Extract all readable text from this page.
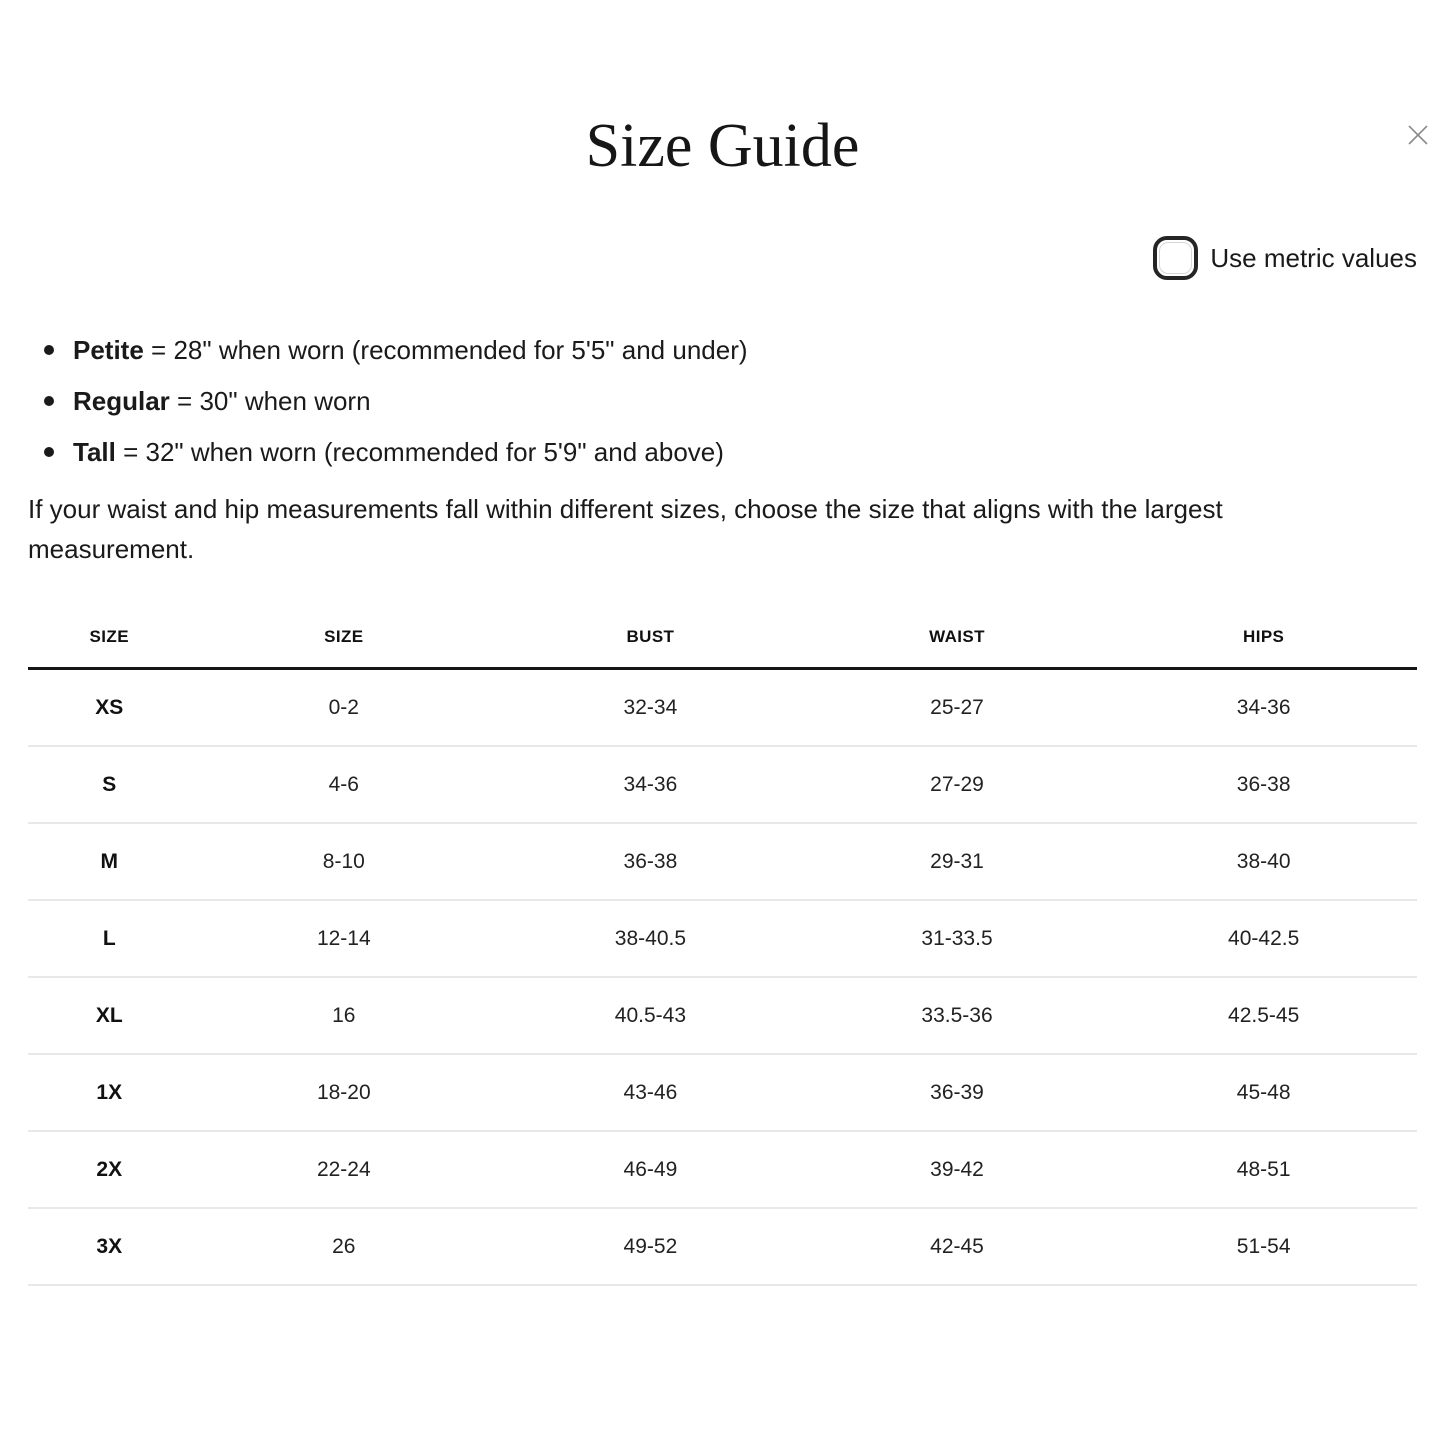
Size Guide
Use metric values
Petite = 28" when worn (recommended for 5'5" and under)
Regular = 30" when worn
Tall = 32" when worn (recommended for 5'9" and above)

If your waist and hip measurements fall within different sizes, choose the size that aligns with the largest measurement.

SIZE	SIZE	BUST	WAIST	HIPS
XS	0-2	32-34	25-27	34-36
S	4-6	34-36	27-29	36-38
M	8-10	36-38	29-31	38-40
L	12-14	38-40.5	31-33.5	40-42.5
XL	16	40.5-43	33.5-36	42.5-45
1X	18-20	43-46	36-39	45-48
2X	22-24	46-49	39-42	48-51
3X	26	49-52	42-45	51-54
